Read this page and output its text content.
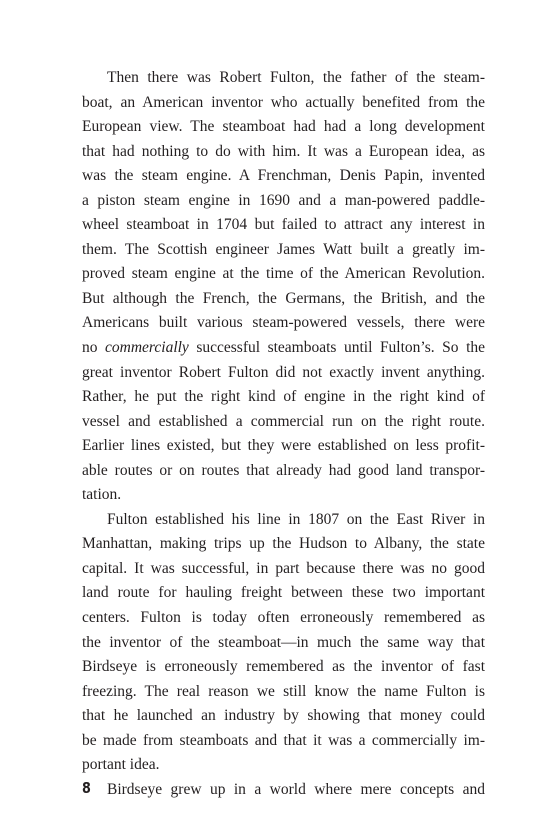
Then there was Robert Fulton, the father of the steam-
boat, an American inventor who actually benefited from the
European view. The steamboat had had a long development
that had nothing to do with him. It was a European idea, as
was the steam engine. A Frenchman, Denis Papin, invented
a piston steam engine in 1690 and a man-powered paddle-
wheel steamboat in 1704 but failed to attract any interest in
them. The Scottish engineer James Watt built a greatly im-
proved steam engine at the time of the American Revolution.
But although the French, the Germans, the British, and the
Americans built various steam-powered vessels, there were
no commercially successful steamboats until Fulton’s. So the
great inventor Robert Fulton did not exactly invent anything.
Rather, he put the right kind of engine in the right kind of
vessel and established a commercial run on the right route.
Earlier lines existed, but they were established on less profit-
able routes or on routes that already had good land transpor-
tation.
Fulton established his line in 1807 on the East River in
Manhattan, making trips up the Hudson to Albany, the state
capital. It was successful, in part because there was no good
land route for hauling freight between these two important
centers. Fulton is today often erroneously remembered as
the inventor of the steamboat—in much the same way that
Birdseye is erroneously remembered as the inventor of fast
freezing. The real reason we still know the name Fulton is
that he launched an industry by showing that money could
be made from steamboats and that it was a commercially im-
portant idea.
Birdseye grew up in a world where mere concepts and
8
